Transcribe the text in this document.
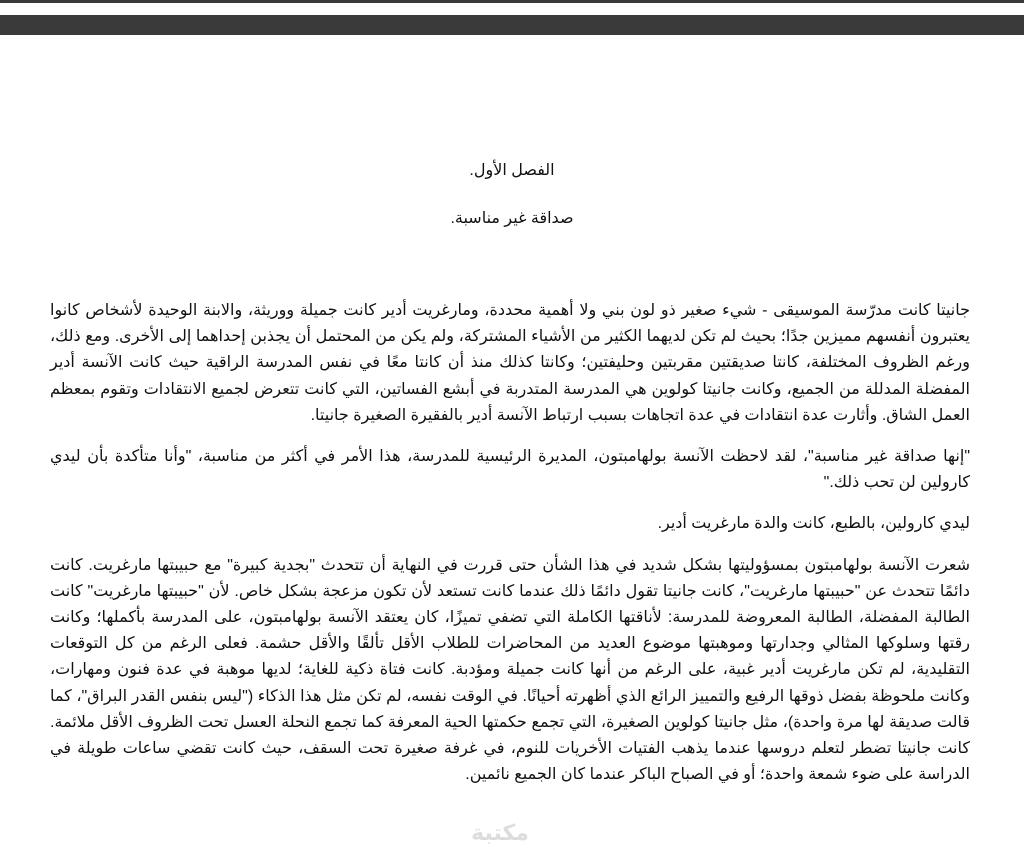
الفصل الأول.
صداقة غير مناسبة.

جانيتا كانت مدرّسة الموسيقى - شيء صغير ذو لون بني ولا أهمية محددة، ومارغريت أدير كانت جميلة ووريثة، والابنة الوحيدة لأشخاص كانوا يعتبرون أنفسهم مميزين جدًا؛ بحيث لم تكن لديهما الكثير من الأشياء المشتركة، ولم يكن من المحتمل أن يجذبن إحداهما إلى الأخرى. ومع ذلك، ورغم الظروف المختلفة، كانتا صديقتين مقربتين وحليفتين؛ وكانتا كذلك منذ أن كانتا معًا في نفس المدرسة الراقية حيث كانت الآنسة أدير المفضلة المدللة من الجميع، وكانت جانيتا كولوين هي المدرسة المتدربة في أبشع الفساتين، التي كانت تتعرض لجميع الانتقادات وتقوم بمعظم العمل الشاق. وأثارت عدة انتقادات في عدة اتجاهات بسبب ارتباط الآنسة أدير بالفقيرة الصغيرة جانيتا.

"إنها صداقة غير مناسبة"، لقد لاحظت الآنسة بولهامبتون، المديرة الرئيسية للمدرسة، هذا الأمر في أكثر من مناسبة، "وأنا متأكدة بأن ليدي كارولين لن تحب ذلك."

ليدي كارولين، بالطبع، كانت والدة مارغريت أدير.

شعرت الآنسة بولهامبتون بمسؤوليتها بشكل شديد في هذا الشأن حتى قررت في النهاية أن تتحدث "بجدية كبيرة" مع حبيبتها مارغريت. كانت دائمًا تتحدث عن "حبيبتها مارغريت"، كانت جانيتا تقول دائمًا ذلك عندما كانت تستعد لأن تكون مزعجة بشكل خاص. لأن "حبيبتها مارغريت" كانت الطالبة المفضلة، الطالبة المعروضة للمدرسة: لأناقتها الكاملة التي تضفي تميزًا، كان يعتقد الآنسة بولهامبتون، على المدرسة بأكملها؛ وكانت رقتها وسلوكها المثالي وجدارتها وموهبتها موضوع العديد من المحاضرات للطلاب الأقل تألقًا والأقل حشمة. فعلى الرغم من كل التوقعات التقليدية، لم تكن مارغريت أدير غبية، على الرغم من أنها كانت جميلة ومؤدبة. كانت فتاة ذكية للغاية؛ لديها موهبة في عدة فنون ومهارات، وكانت ملحوظة بفضل ذوقها الرفيع والتمييز الرائع الذي أظهرته أحيانًا. في الوقت نفسه، لم تكن مثل هذا الذكاء ("ليس بنفس القدر البراق"، كما قالت صديقة لها مرة واحدة)، مثل جانيتا كولوين الصغيرة، التي تجمع حكمتها الحية المعرفة كما تجمع النحلة العسل تحت الظروف الأقل ملائمة. كانت جانيتا تضطر لتعلم دروسها عندما يذهب الفتيات الأخريات للنوم، في غرفة صغيرة تحت السقف، حيث كانت تقضي ساعات طويلة في الدراسة على ضوء شمعة واحدة؛ أو في الصباح الباكر عندما كان الجميع نائمين.

مكتبة
